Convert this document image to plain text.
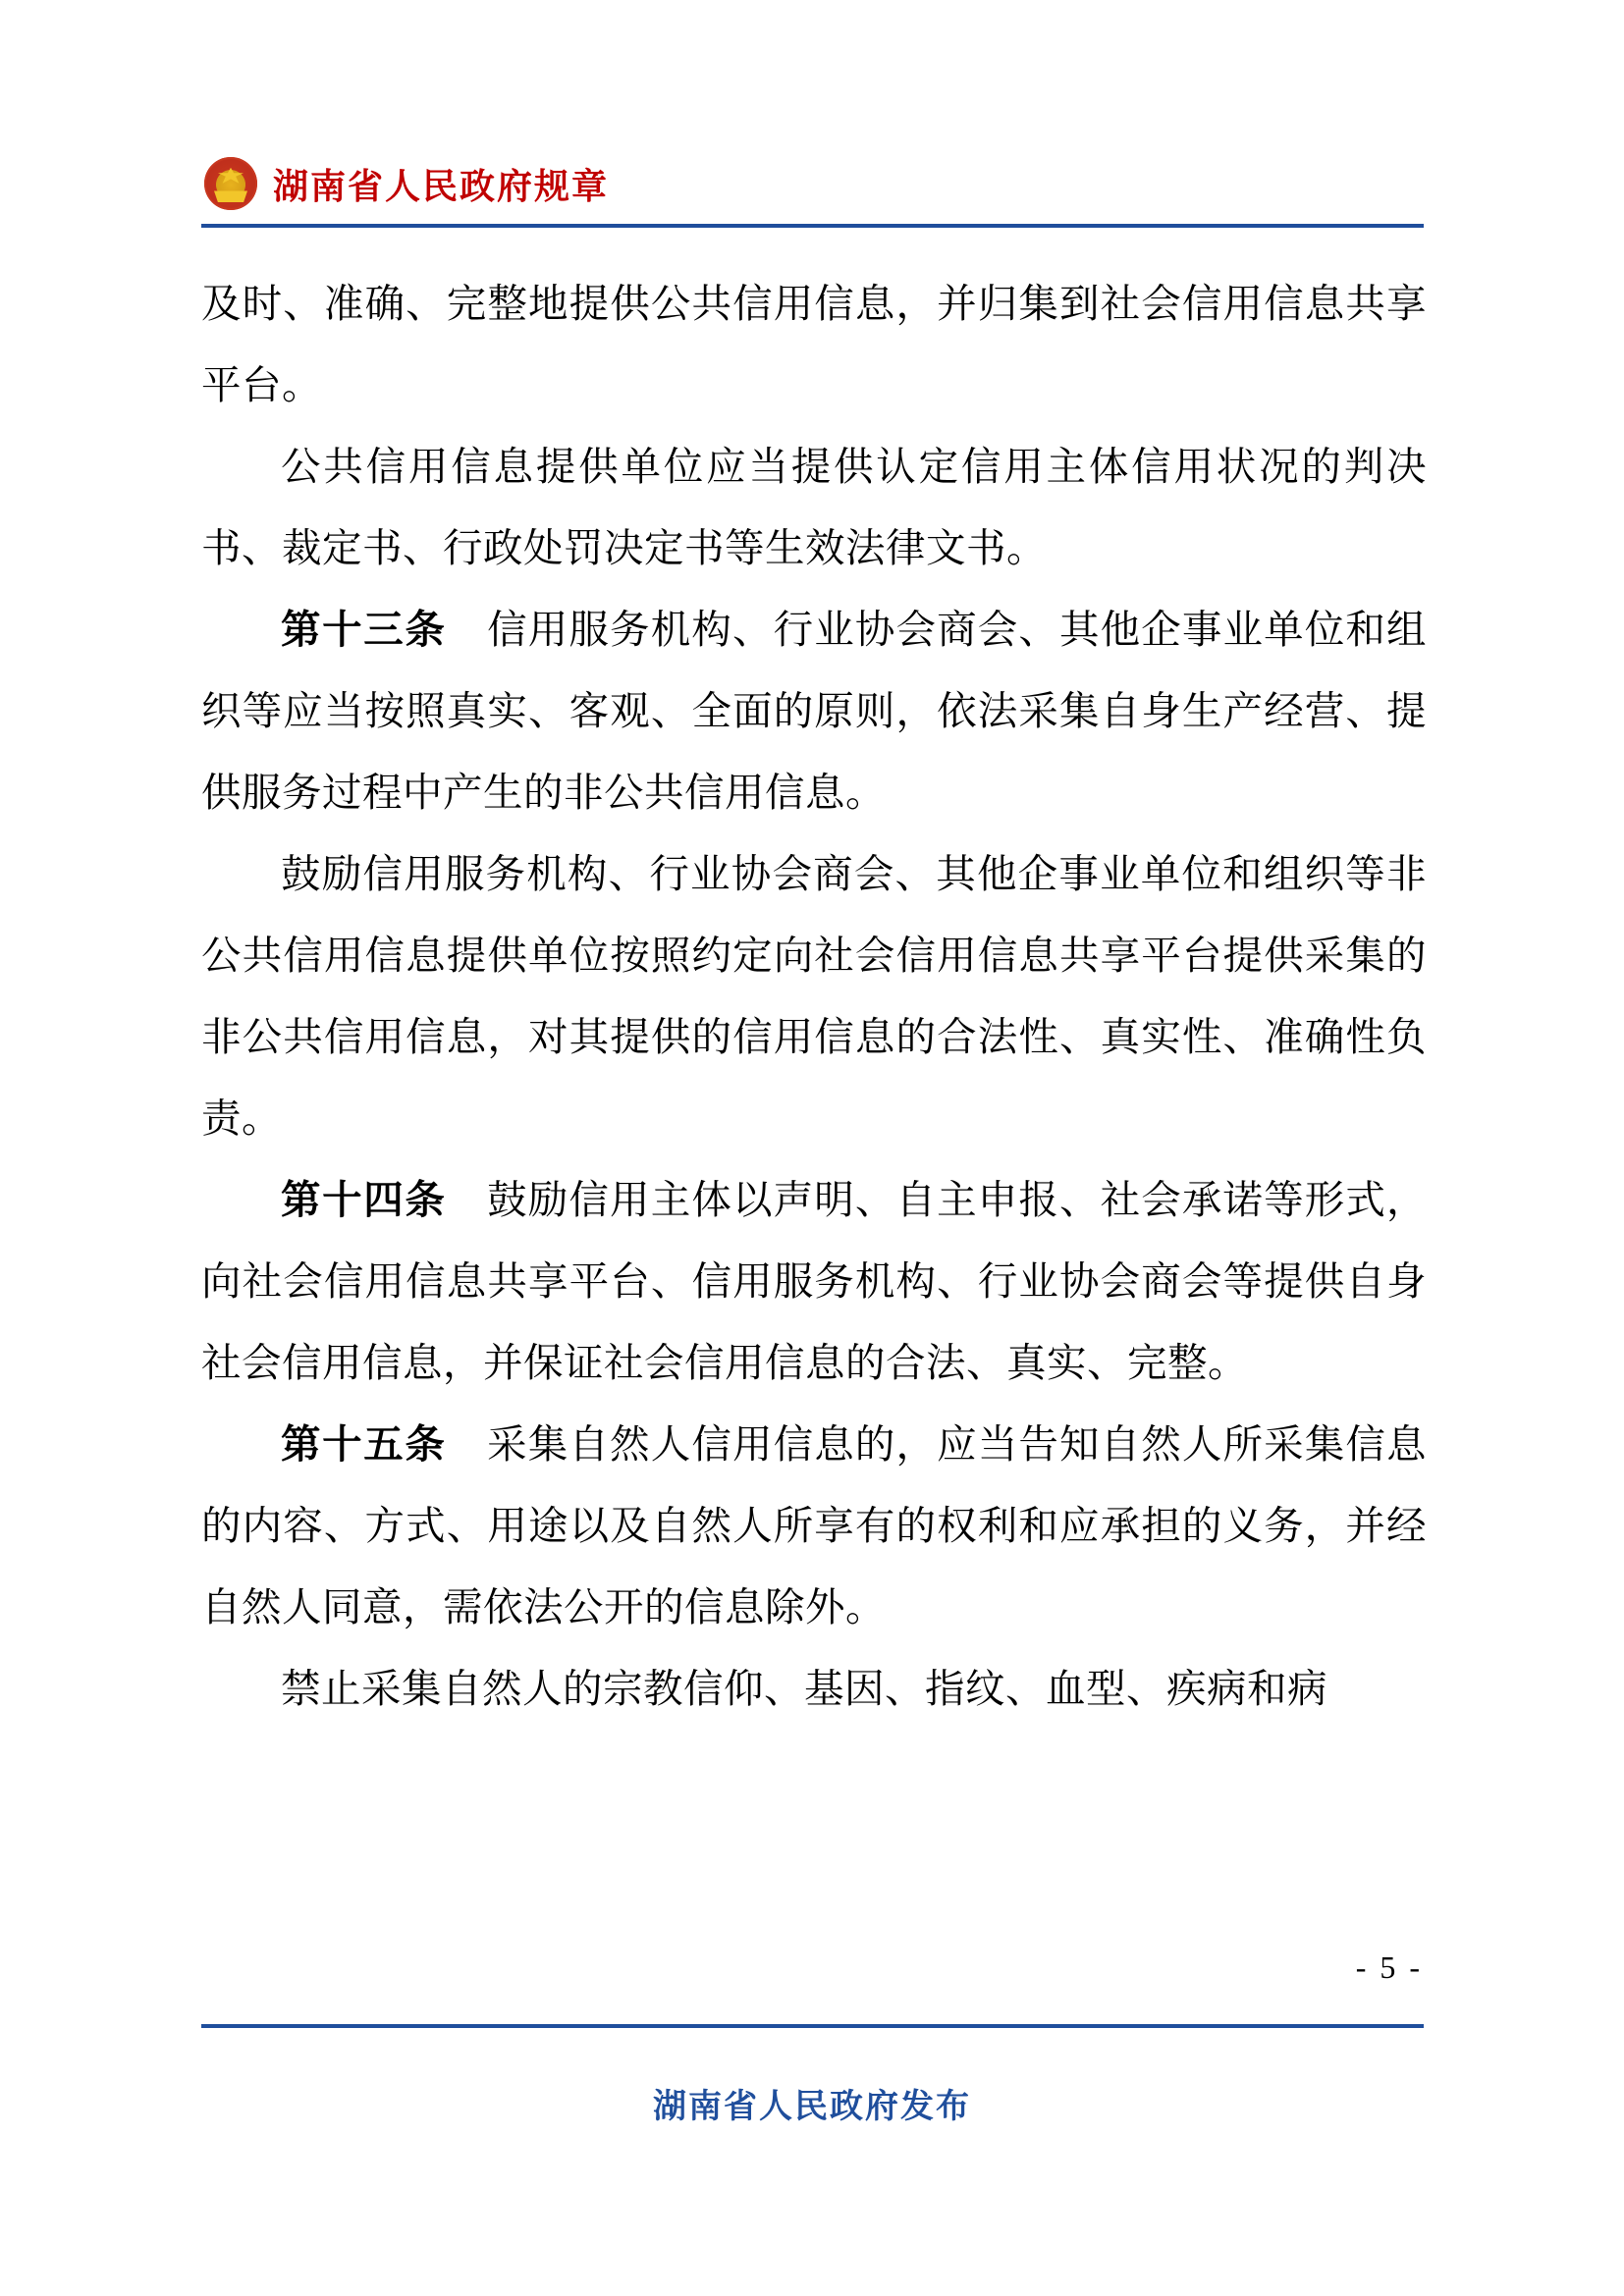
湖南省人民政府规章

及时、准确、完整地提供公共信用信息，并归集到社会信用信息共享平台。

公共信用信息提供单位应当提供认定信用主体信用状况的判决书、裁定书、行政处罚决定书等生效法律文书。

第十三条　 信用服务机构、行业协会商会、其他企事业单位和组织等应当按照真实、客观、全面的原则，依法采集自身生产经营、提供服务过程中产生的非公共信用信息。

鼓励信用服务机构、行业协会商会、其他企事业单位和组织等非公共信用信息提供单位按照约定向社会信用信息共享平台提供采集的非公共信用信息，对其提供的信用信息的合法性、真实性、准确性负责。

第十四条　 鼓励信用主体以声明、自主申报、社会承诺等形式，向社会信用信息共享平台、信用服务机构、行业协会商会等提供自身社会信用信息，并保证社会信用信息的合法、真实、完整。

第十五条　 采集自然人信用信息的，应当告知自然人所采集信息的内容、方式、用途以及自然人所享有的权利和应承担的义务，并经自然人同意，需依法公开的信息除外。

禁止采集自然人的宗教信仰、基因、指纹、血型、疾病和病

- 5 -
湖南省人民政府发布
